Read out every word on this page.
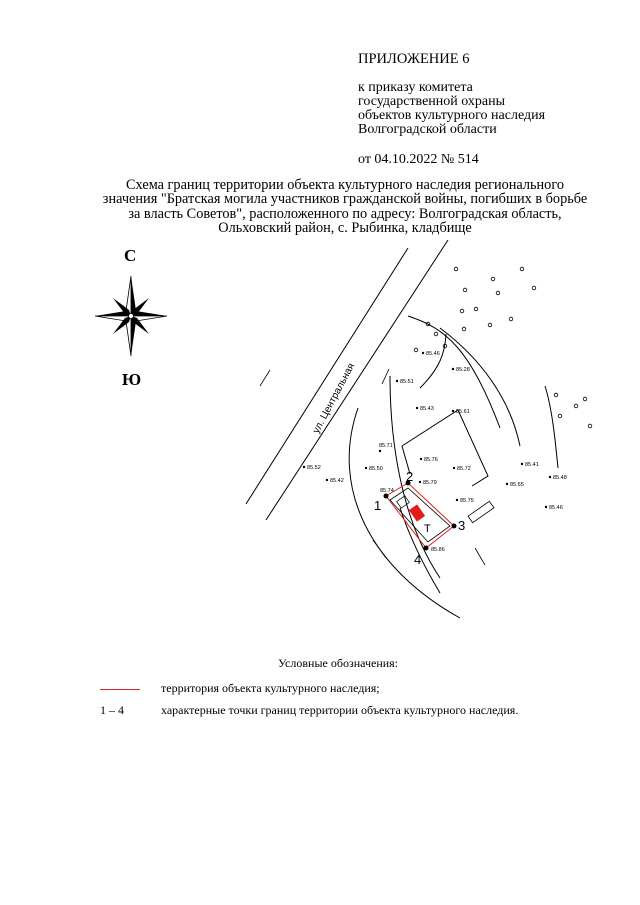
ПРИЛОЖЕНИЕ 6
к приказу комитета
государственной охраны
объектов культурного наследия
Волгоградской области
от 04.10.2022 № 514
Схема границ территории объекта культурного наследия регионального
значения "Братская могила участников гражданской войны, погибших в борьбе
за власть Советов", расположенного по адресу: Волгоградская область,
Ольховский район, с. Рыбинка, кладбище
С
Ю	ул. Центральная
T
1
2
3
4
85.46
85.28
85.51
85.43	85.61
85.71
85.76
85.52	85.50
85.42	85.79
85.72
85.41
85.48
85.65
85.74
85.75
85.46
85.86
Условные обозначения:
территория объекта культурного наследия;
1 – 4	характерные точки границ территории объекта культурного наследия.
